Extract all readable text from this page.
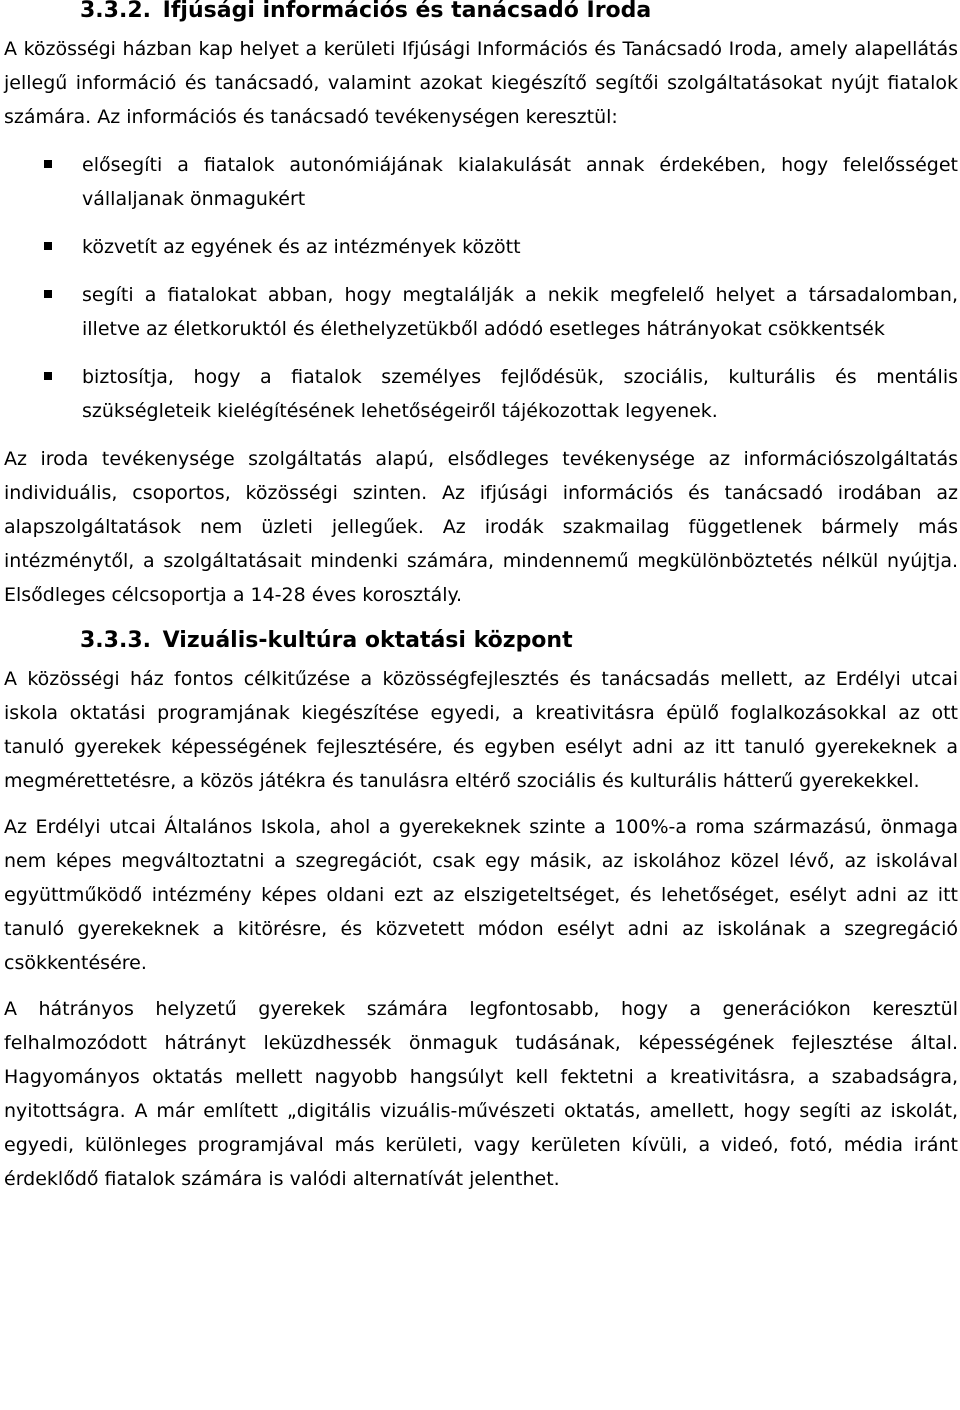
3.3.2. Ifjúsági információs és tanácsadó Iroda

A közösségi házban kap helyet a kerületi Ifjúsági Információs és Tanácsadó Iroda, amely alapellátás jellegű információ és tanácsadó, valamint azokat kiegészítő segítői szolgáltatásokat nyújt fiatalok számára. Az információs és tanácsadó tevékenységen keresztül:

elősegíti a fiatalok autonómiájának kialakulását annak érdekében, hogy felelősséget vállaljanak önmagukért
közvetít az egyének és az intézmények között
segíti a fiatalokat abban, hogy megtalálják a nekik megfelelő helyet a társadalomban, illetve az életkoruktól és élethelyzetükből adódó esetleges hátrányokat csökkentsék
biztosítja, hogy a fiatalok személyes fejlődésük, szociális, kulturális és mentális szükségleteik kielégítésének lehetőségeiről tájékozottak legyenek.

Az iroda tevékenysége szolgáltatás alapú, elsődleges tevékenysége az információszolgáltatás individuális, csoportos, közösségi szinten. Az ifjúsági információs és tanácsadó irodában az alapszolgáltatások nem üzleti jellegűek. Az irodák szakmailag függetlenek bármely más intézménytől, a szolgáltatásait mindenki számára, mindennemű megkülönböztetés nélkül nyújtja. Elsődleges célcsoportja a 14-28 éves korosztály.

3.3.3. Vizuális-kultúra oktatási központ

A közösségi ház fontos célkitűzése a közösségfejlesztés és tanácsadás mellett, az Erdélyi utcai iskola oktatási programjának kiegészítése egyedi, a kreativitásra épülő foglalkozásokkal az ott tanuló gyerekek képességének fejlesztésére, és egyben esélyt adni az itt tanuló gyerekeknek a megmérettetésre, a közös játékra és tanulásra eltérő szociális és kulturális hátterű gyerekekkel.

Az Erdélyi utcai Általános Iskola, ahol a gyerekeknek szinte a 100%-a roma származású, önmaga nem képes megváltoztatni a szegregációt, csak egy másik, az iskolához közel lévő, az iskolával együttműködő intézmény képes oldani ezt az elszigeteltséget, és lehetőséget, esélyt adni az itt tanuló gyerekeknek a kitörésre, és közvetett módon esélyt adni az iskolának a szegregáció csökkentésére.

A hátrányos helyzetű gyerekek számára legfontosabb, hogy a generációkon keresztül felhalmozódott hátrányt leküzdhessék önmaguk tudásának, képességének fejlesztése által. Hagyományos oktatás mellett nagyobb hangsúlyt kell fektetni a kreativitásra, a szabadságra, nyitottságra. A már említett „digitális vizuális-művészeti oktatás, amellett, hogy segíti az iskolát, egyedi, különleges programjával más kerületi, vagy kerületen kívüli, a videó, fotó, média iránt érdeklődő fiatalok számára is valódi alternatívát jelenthet.
